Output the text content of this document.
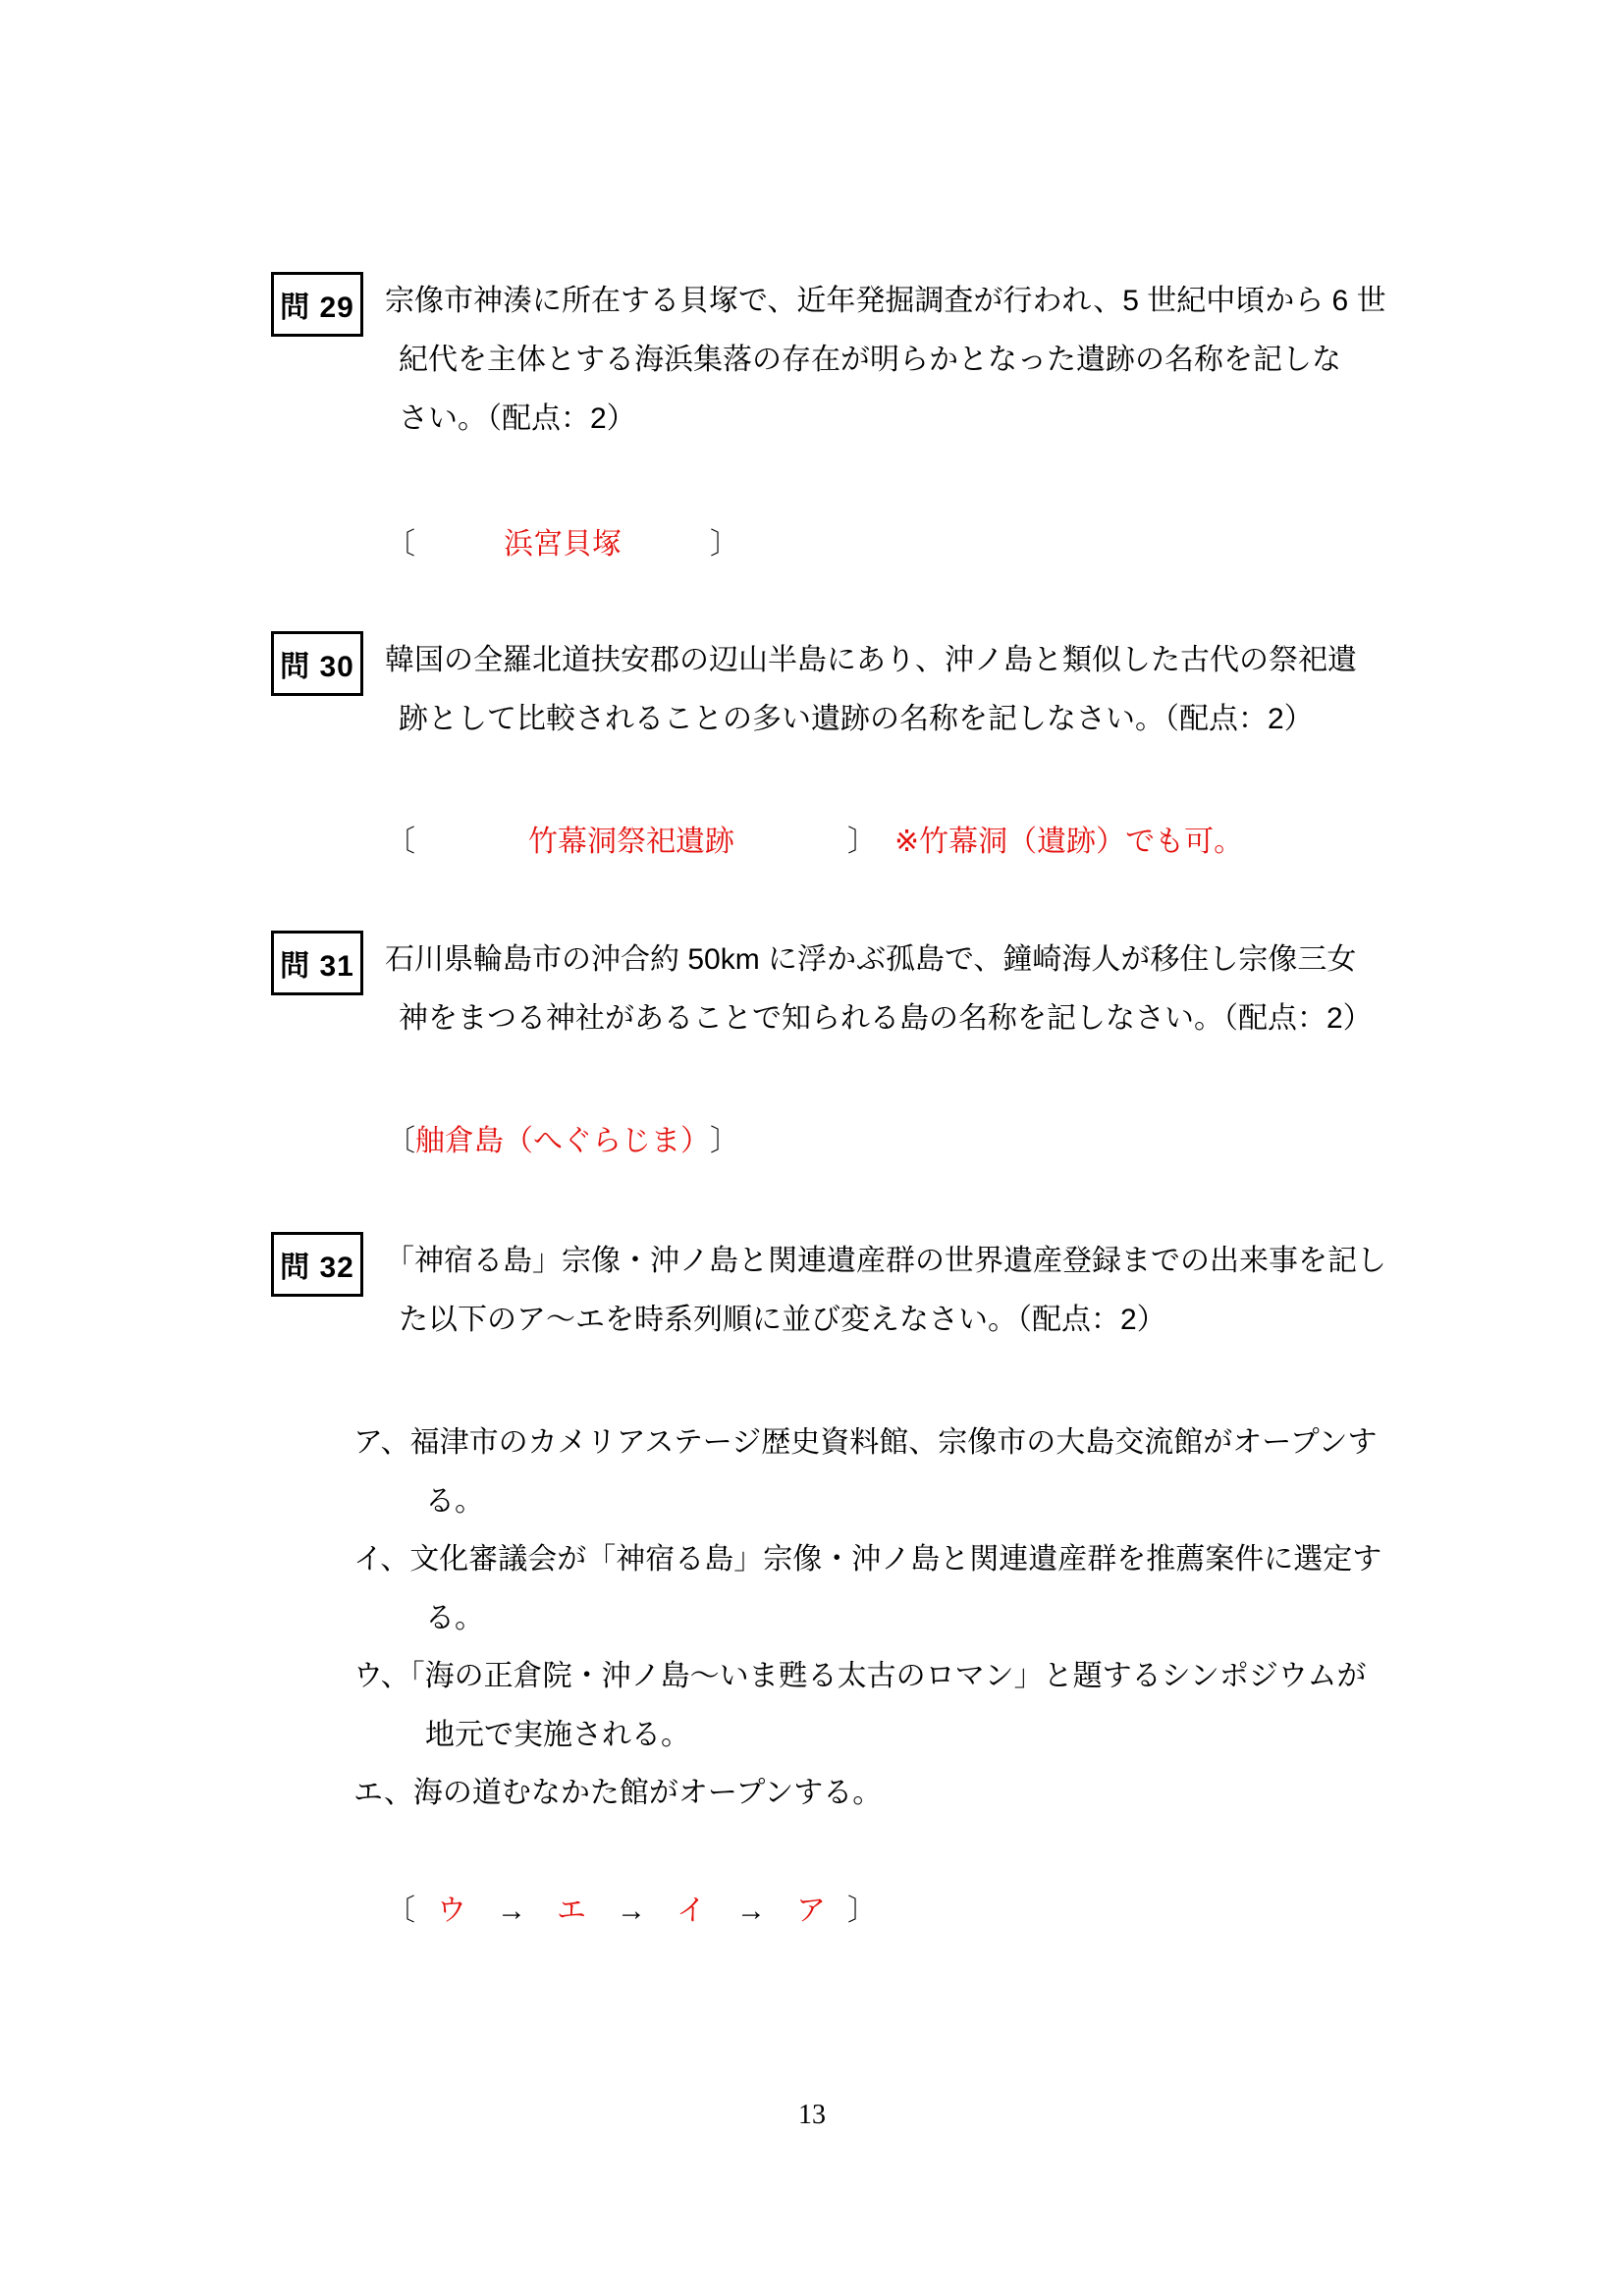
問 29 宗像市神湊に所在する貝塚で、近年発掘調査が行われ、5 世紀中頃から 6 世
紀代を主体とする海浜集落の存在が明らかとなった遺跡の名称を記しな
さい。（配点：2）
〔	浜宮貝塚	〕
問 30 韓国の全羅北道扶安郡の辺山半島にあり、沖ノ島と類似した古代の祭祀遺
跡として比較されることの多い遺跡の名称を記しなさい。（配点：2）
〔	竹幕洞祭祀遺跡	〕 ※竹幕洞（遺跡）でも可。
問 31 石川県輪島市の沖合約 50km に浮かぶ孤島で、鐘崎海人が移住し宗像三女
神をまつる神社があることで知られる島の名称を記しなさい。（配点：2）
〔舳倉島（へぐらじま）〕
問 32 「神宿る島」宗像・沖ノ島と関連遺産群の世界遺産登録までの出来事を記し
た以下のア～エを時系列順に並び変えなさい。（配点：2）
ア、福津市のカメリアステージ歴史資料館、宗像市の大島交流館がオープンす
る。
イ、文化審議会が「神宿る島」宗像・沖ノ島と関連遺産群を推薦案件に選定す
る。
ウ、「海の正倉院・沖ノ島～いま甦る太古のロマン」と題するシンポジウムが
地元で実施される。
エ、海の道むなかた館がオープンする。
〔 ウ → エ → イ → ア 〕
13
